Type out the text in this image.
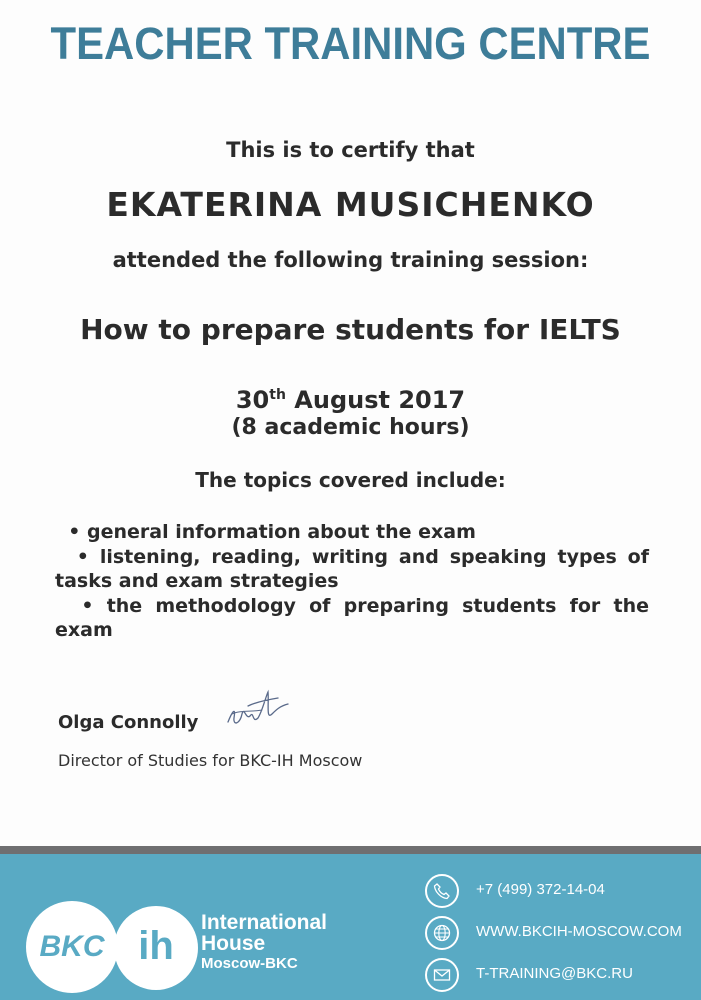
TEACHER TRAINING CENTRE
This is to certify that
EKATERINA MUSICHENKO
attended the following training session:
How to prepare students for IELTS
30th August 2017
(8 academic hours)
The topics covered include:
• general information about the exam
• listening, reading, writing and speaking types of tasks and exam strategies
• the methodology of preparing students for the exam
Olga Connolly
Director of Studies for BKC-IH Moscow
BKC ih
International
House
Moscow-BKC
+7 (499) 372-14-04
WWW.BKCIH-MOSCOW.COM
T-TRAINING@BKC.RU
